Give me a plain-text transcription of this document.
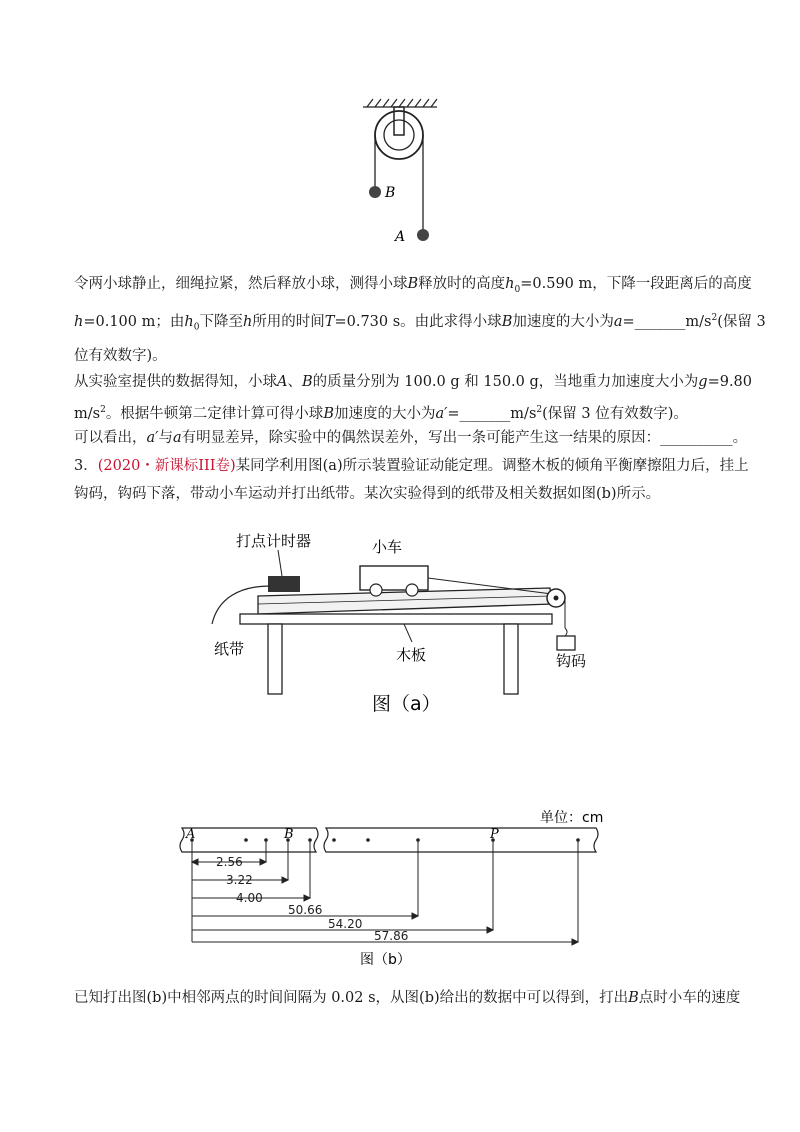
B
A
令两小球静止，细绳拉紧，然后释放小球，测得小球B释放时的高度$h_0=0.590$ m，下降一段距离后的高度
h=0.100 m；由$h_0$下降至h所用的时间T=0.730 s。由此求得小球B加速度的大小为$a=\_\_\_\_\_\_\_m/s^2$(保留 3
位有效数字)。
从实验室提供的数据得知，小球A、B的质量分别为 100.0 g 和 150.0 g，当地重力加速度大小为g=9.80
$m/s^2$。根据牛顿第二定律计算可得小球B加速度的大小为$a'=\_\_\_\_\_\_\_m/s^2$(保留 3 位有效数字)。
可以看出，a′与a有明显差异，除实验中的偶然误差外，写出一条可能产生这一结果的原因：__________。
3．(2020・新课标III卷)某同学利用图(a)所示装置验证动能定理。调整木板的倾角平衡摩擦阻力后，挂上
钩码，钩码下落，带动小车运动并打出纸带。某次实验得到的纸带及相关数据如图(b)所示。
打点计时器	小车
纸带	木板	钩码
图（a）
单位：cm
A	B	P
2.56
3.22
4.00
50.66
54.20
57.86
图（b）
已知打出图(b)中相邻两点的时间间隔为 0.02 s，从图(b)给出的数据中可以得到，打出B点时小车的速度
